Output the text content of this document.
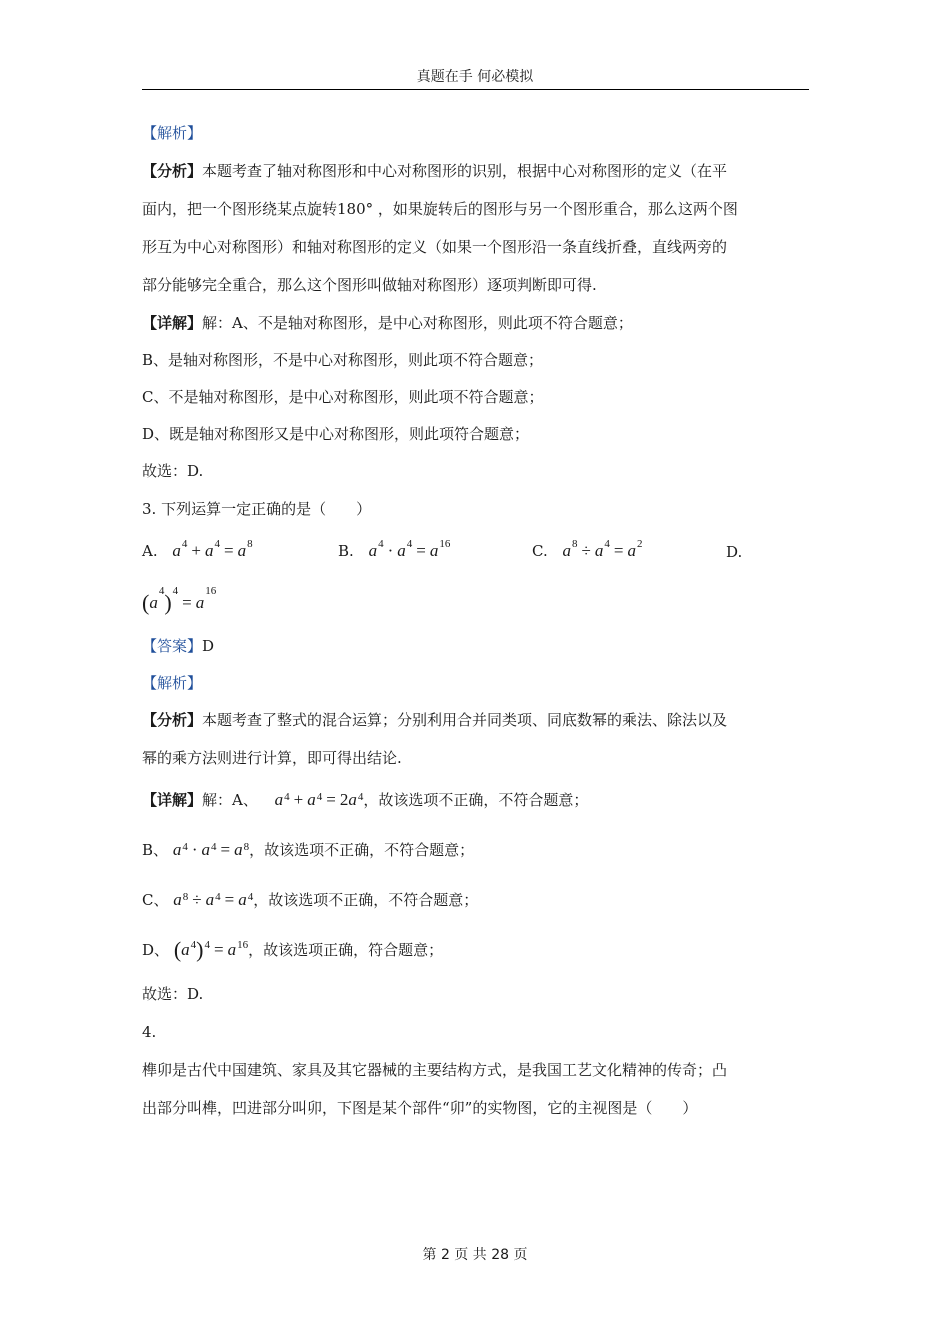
真题在手 何必模拟
【解析】
【分析】本题考查了轴对称图形和中心对称图形的识别，根据中心对称图形的定义（在平
面内，把一个图形绕某点旋转180° ，如果旋转后的图形与另一个图形重合，那么这两个图
形互为中心对称图形）和轴对称图形的定义（如果一个图形沿一条直线折叠，直线两旁的
部分能够完全重合，那么这个图形叫做轴对称图形）逐项判断即可得.
【详解】解：A、不是轴对称图形，是中心对称图形，则此项不符合题意；
B、是轴对称图形，不是中心对称图形，则此项不符合题意；
C、不是轴对称图形，是中心对称图形，则此项不符合题意；
D、既是轴对称图形又是中心对称图形，则此项符合题意；
故选：D.
3. 下列运算一定正确的是（　　）
A. $a^4 + a^4 = a^8$	B. $a^4 \cdot a^4 = a^{16}$	C. $a^8 \div a^4 = a^2$	D.
$(a^4)^4= a^{16}$
【答案】D
【解析】
【分析】本题考查了整式的混合运算；分别利用合并同类项、同底数幂的乘法、除法以及
幂的乘方法则进行计算，即可得出结论.
【详解】解：A、 $a^4 + a^4 = 2a^4$，故该选项不正确，不符合题意；
B、 $a^4 \cdot a^4 = a^8$，故该选项不正确，不符合题意；
C、 $a^8 \div a^4 = a^4$，故该选项不正确，不符合题意；
D、 $(a^4)^4 = a^{16}$，故该选项正确，符合题意；
故选：D.
4.
榫卯是古代中国建筑、家具及其它器械的主要结构方式，是我国工艺文化精神的传奇；凸
出部分叫榫，凹进部分叫卯，下图是某个部件“卯”的实物图，它的主视图是（　　）
第 2 页 共 28 页
